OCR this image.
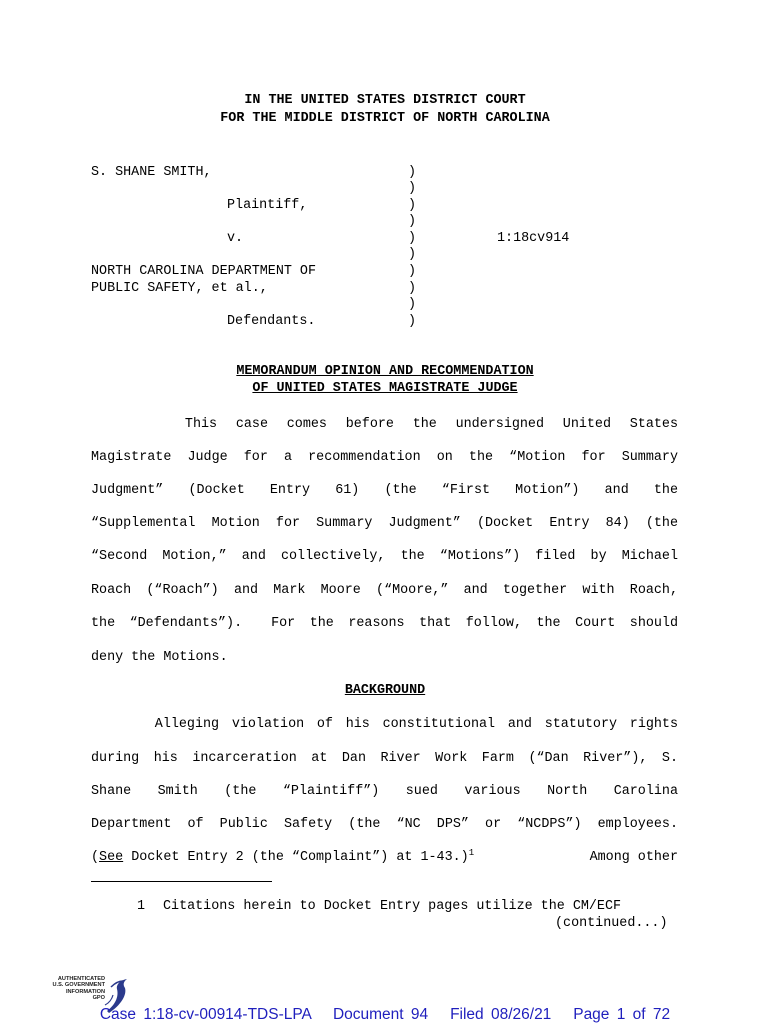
IN THE UNITED STATES DISTRICT COURT
FOR THE MIDDLE DISTRICT OF NORTH CAROLINA
S. SHANE SMITH,
Plaintiff,
v.
NORTH CAROLINA DEPARTMENT OF
PUBLIC SAFETY, et al.,
Defendants.
)
)
)
)
)
)
)
)
)
)
1:18cv914
MEMORANDUM OPINION AND RECOMMENDATION
OF UNITED STATES MAGISTRATE JUDGE
This case comes before the undersigned United States
Magistrate Judge for a recommendation on the “Motion for Summary
Judgment” (Docket Entry 61) (the “First Motion”) and the
“Supplemental Motion for Summary Judgment” (Docket Entry 84) (the
“Second Motion,” and collectively, the “Motions”) filed by Michael
Roach (“Roach”) and Mark Moore (“Moore,” and together with Roach,
the “Defendants”).  For the reasons that follow, the Court should
deny the Motions.
BACKGROUND
Alleging violation of his constitutional and statutory rights
during his incarceration at Dan River Work Farm (“Dan River”), S.
Shane Smith (the “Plaintiff”) sued various North Carolina
Department of Public Safety (the “NC DPS” or “NCDPS”) employees.
(See Docket Entry 2 (the “Complaint”) at 1-43.)$^1$	Among other
1 Citations herein to Docket Entry pages utilize the CM/ECF
(continued...)
AUTHENTICATED
U.S. GOVERNMENT
INFORMATION
GPO
Case 1:18-cv-00914-TDS-LPA   Document 94   Filed 08/26/21   Page 1 of 72
